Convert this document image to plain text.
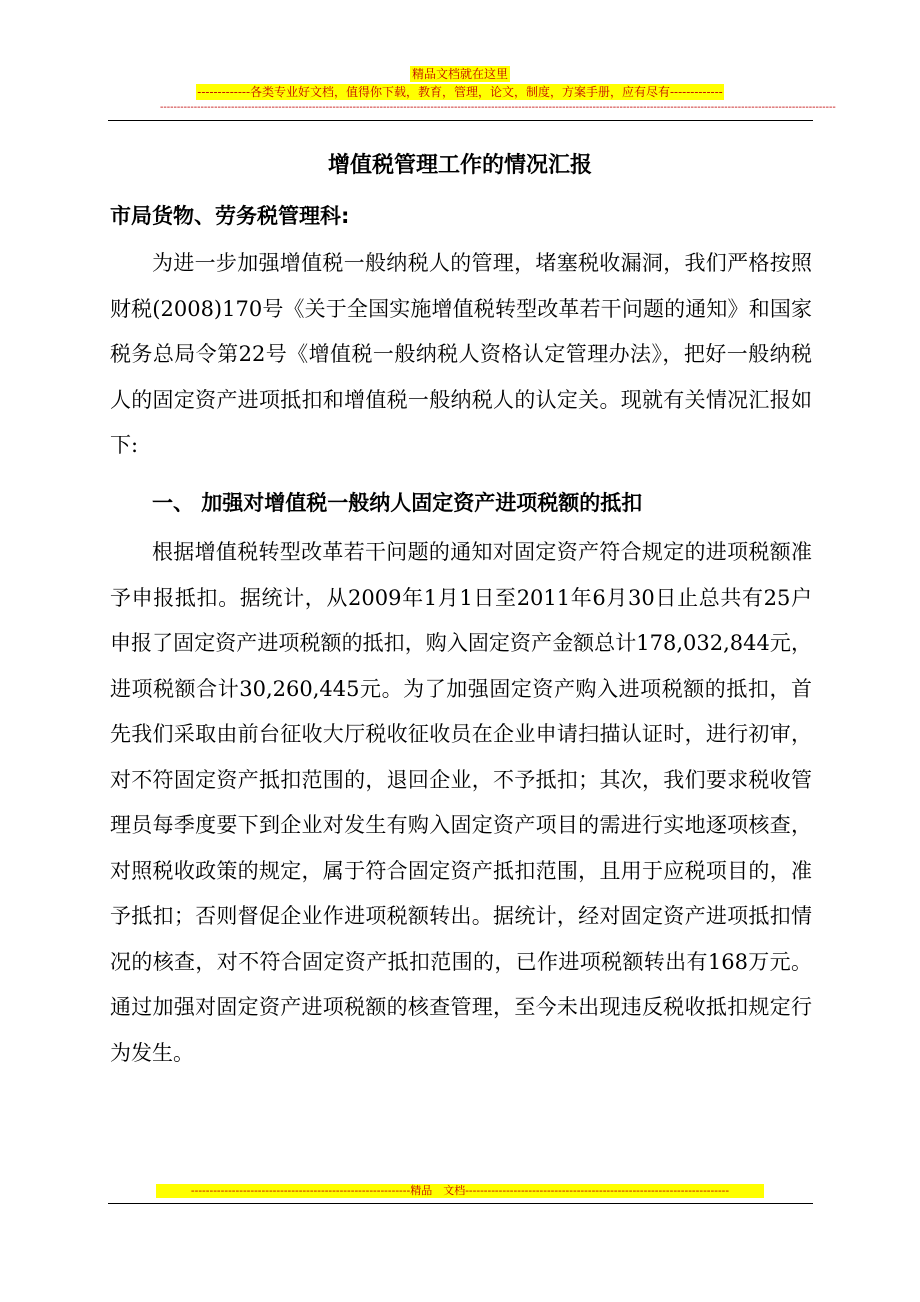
精品文档就在这里
-------------各类专业好文档，值得你下载，教育，管理，论文，制度，方案手册，应有尽有-------------
--------------------------------------------------------------------------------------------------------------------------------------------------------------------------------------------------------
增值税管理工作的情况汇报
市局货物、劳务税管理科:

为进一步加强增值税一般纳税人的管理，堵塞税收漏洞，我们严格按照财税(2008)170号《关于全国实施增值税转型改革若干问题的通知》和国家税务总局令第22号《增值税一般纳税人资格认定管理办法》，把好一般纳税人的固定资产进项抵扣和增值税一般纳税人的认定关。现就有关情况汇报如下:

一、 加强对增值税一般纳人固定资产进项税额的抵扣

根据增值税转型改革若干问题的通知对固定资产符合规定的进项税额准予申报抵扣。据统计，从2009年1月1日至2011年6月30日止总共有25户申报了固定资产进项税额的抵扣，购入固定资产金额总计178,032,844元，进项税额合计30,260,445元。为了加强固定资产购入进项税额的抵扣，首先我们采取由前台征收大厅税收征收员在企业申请扫描认证时，进行初审，对不符固定资产抵扣范围的，退回企业，不予抵扣；其次，我们要求税收管理员每季度要下到企业对发生有购入固定资产项目的需进行实地逐项核查，对照税收政策的规定，属于符合固定资产抵扣范围，且用于应税项目的，准予抵扣；否则督促企业作进项税额转出。据统计，经对固定资产进项抵扣情况的核查，对不符合固定资产抵扣范围的，已作进项税额转出有168万元。通过加强对固定资产进项税额的核查管理，至今未出现违反税收抵扣规定行为发生。

-----------------------------------------------------------精品　文档-----------------------------------------------------------------------
